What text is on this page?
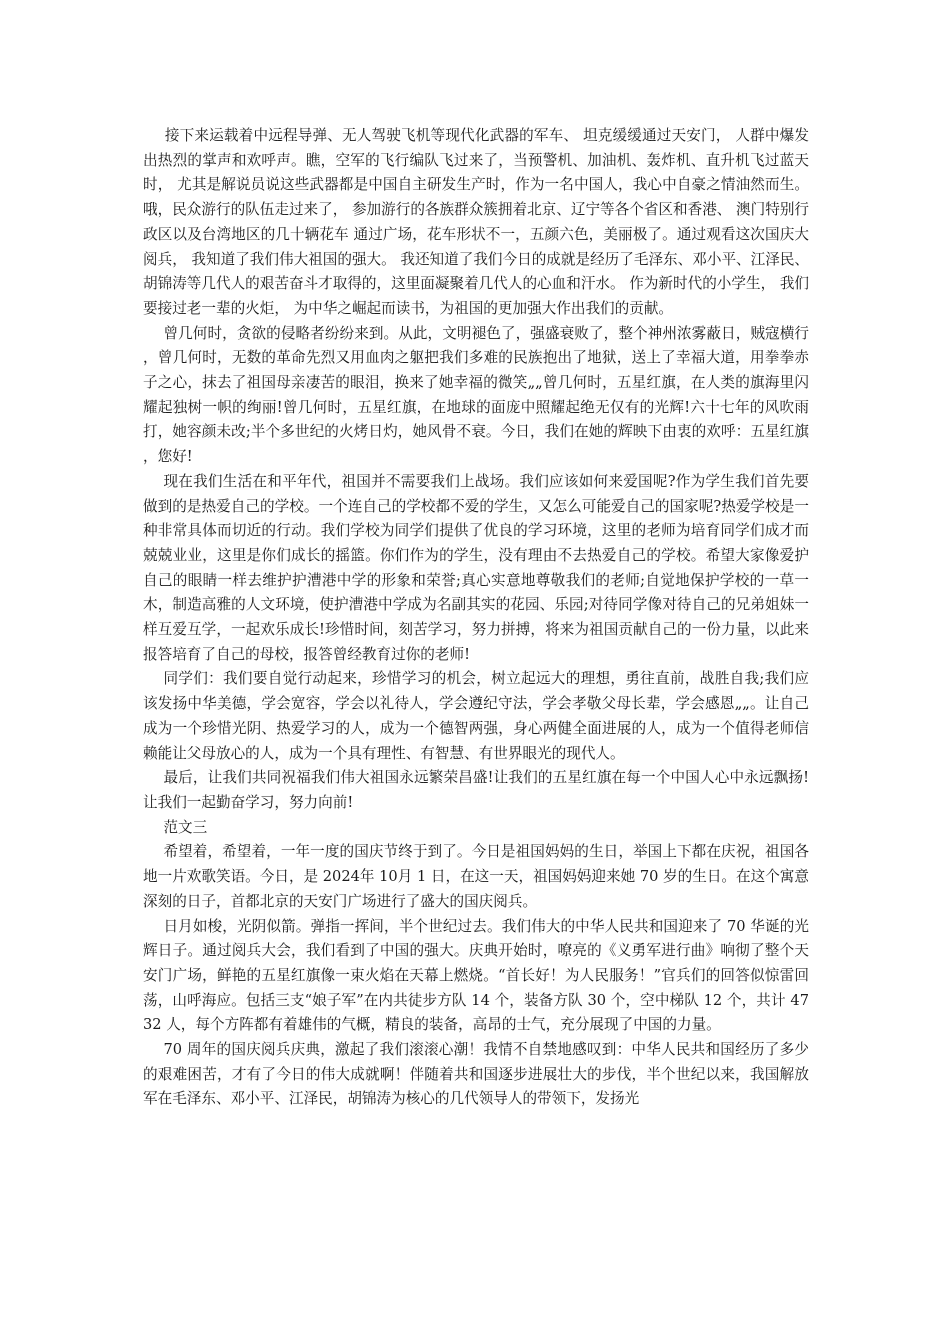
接下来运载着中远程导弹、无人驾驶飞机等现代化武器的军车、 坦克缓缓通过天安门， 人群中爆发出热烈的掌声和欢呼声。瞧，空军的飞行编队飞过来了，当预警机、加油机、轰炸机、直升机飞过蓝天时， 尤其是解说员说这些武器都是中国自主研发生产时，作为一名中国人，我心中自豪之情油然而生。哦，民众游行的队伍走过来了， 参加游行的各族群众簇拥着北京、辽宁等各个省区和香港、 澳门特别行政区以及台湾地区的几十辆花车 通过广场，花车形状不一，五颜六色，美丽极了。通过观看这次国庆大阅兵， 我知道了我们伟大祖国的强大。 我还知道了我们今日的成就是经历了毛泽东、邓小平、江泽民、胡锦涛等几代人的艰苦奋斗才取得的，这里面凝聚着几代人的心血和汗水。 作为新时代的小学生， 我们要接过老一辈的火炬， 为中华之崛起而读书，为祖国的更加强大作出我们的贡献。

曾几何时，贪欲的侵略者纷纷来到。从此，文明褪色了，强盛衰败了，整个神州浓雾蔽日，贼寇横行，曾几何时，无数的革命先烈又用血肉之躯把我们多难的民族抱出了地狱，送上了幸福大道，用拳拳赤子之心，抹去了祖国母亲凄苦的眼泪，换来了她幸福的微笑„„曾几何时，五星红旗，在人类的旗海里闪耀起独树一帜的绚丽!曾几何时，五星红旗，在地球的面庞中照耀起绝无仅有的光辉!六十七年的风吹雨打，她容颜未改;半个多世纪的火烤日灼，她风骨不衰。今日，我们在她的辉映下由衷的欢呼：五星红旗，您好!

现在我们生活在和平年代，祖国并不需要我们上战场。我们应该如何来爱国呢?作为学生我们首先要做到的是热爱自己的学校。一个连自己的学校都不爱的学生，又怎么可能爱自己的国家呢?热爱学校是一种非常具体而切近的行动。我们学校为同学们提供了优良的学习环境，这里的老师为培育同学们成才而兢兢业业，这里是你们成长的摇篮。你们作为的学生，没有理由不去热爱自己的学校。希望大家像爱护自己的眼睛一样去维护护漕港中学的形象和荣誉;真心实意地尊敬我们的老师;自觉地保护学校的一草一木，制造高雅的人文环境，使护漕港中学成为名副其实的花园、乐园;对待同学像对待自己的兄弟姐妹一样互爱互学，一起欢乐成长!珍惜时间，刻苦学习，努力拼搏，将来为祖国贡献自己的一份力量，以此来报答培育了自己的母校，报答曾经教育过你的老师!

同学们：我们要自觉行动起来，珍惜学习的机会，树立起远大的理想，勇往直前，战胜自我;我们应该发扬中华美德，学会宽容，学会以礼待人，学会遵纪守法，学会孝敬父母长辈，学会感恩„„。让自己成为一个珍惜光阴、热爱学习的人，成为一个德智两强，身心两健全面进展的人，成为一个值得老师信赖能让父母放心的人，成为一个具有理性、有智慧、有世界眼光的现代人。

最后，让我们共同祝福我们伟大祖国永远繁荣昌盛!让我们的五星红旗在每一个中国人心中永远飘扬!让我们一起勤奋学习，努力向前!

范文三

希望着，希望着，一年一度的国庆节终于到了。今日是祖国妈妈的生日，举国上下都在庆祝，祖国各地一片欢歌笑语。今日，是 2024年 10月 1 日，在这一天，祖国妈妈迎来她 70 岁的生日。在这个寓意深刻的日子，首都北京的天安门广场进行了盛大的国庆阅兵。

日月如梭，光阴似箭。弹指一挥间，半个世纪过去。我们伟大的中华人民共和国迎来了 70 华诞的光辉日子。通过阅兵大会，我们看到了中国的强大。庆典开始时，嘹亮的《义勇军进行曲》响彻了整个天安门广场，鲜艳的五星红旗像一束火焰在天幕上燃烧。“首长好！为人民服务！”官兵们的回答似惊雷回荡，山呼海应。包括三支“娘子军”在内共徒步方队 14 个，装备方队 30 个，空中梯队 12 个，共计 4732 人，每个方阵都有着雄伟的气概，精良的装备，高昂的士气，充分展现了中国的力量。

70 周年的国庆阅兵庆典，激起了我们滚滚心潮！我情不自禁地感叹到：中华人民共和国经历了多少的艰难困苦，才有了今日的伟大成就啊！伴随着共和国逐步进展壮大的步伐，半个世纪以来，我国解放军在毛泽东、邓小平、江泽民，胡锦涛为核心的几代领导人的带领下，发扬光
